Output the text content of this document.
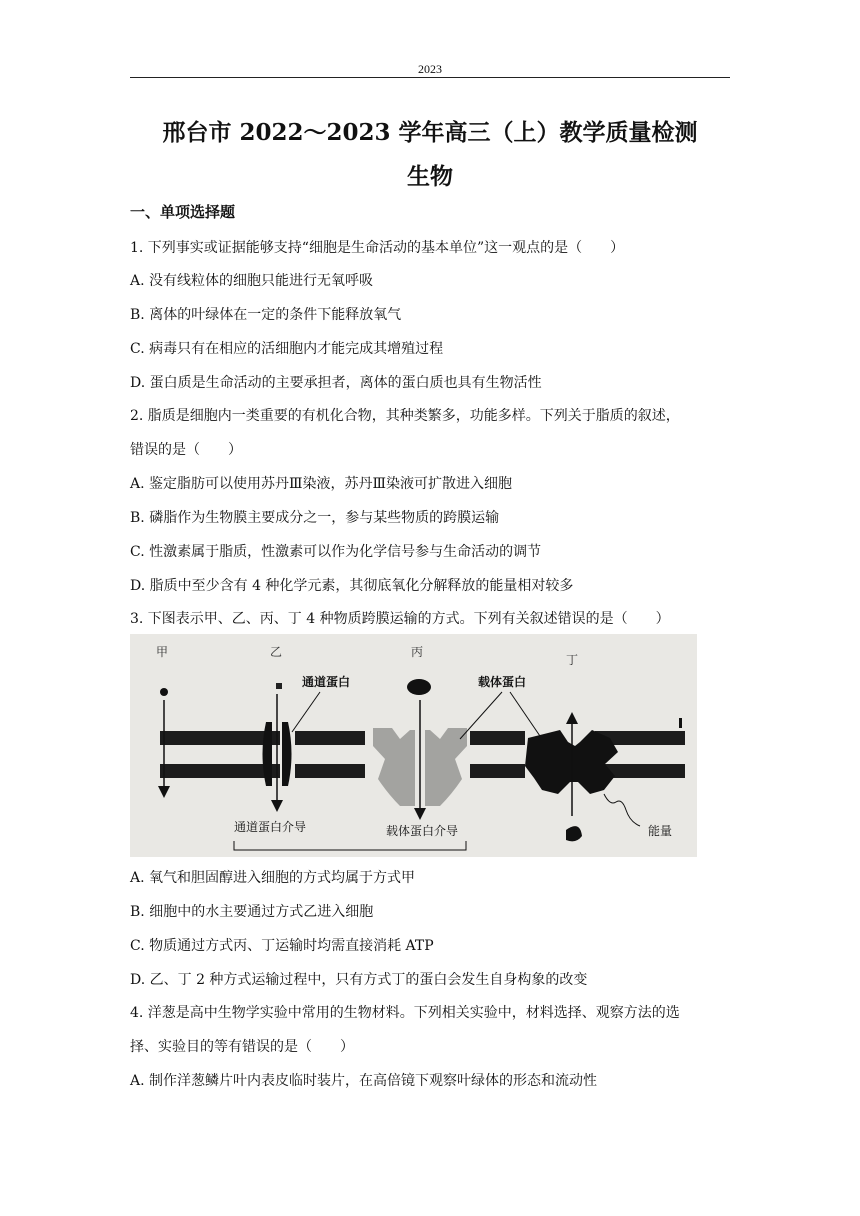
2023
邢台市 2022～2023 学年高三（上）教学质量检测
生物
一、单项选择题
1. 下列事实或证据能够支持“细胞是生命活动的基本单位”这一观点的是（　　）
A. 没有线粒体的细胞只能进行无氧呼吸
B. 离体的叶绿体在一定的条件下能释放氧气
C. 病毒只有在相应的活细胞内才能完成其增殖过程
D. 蛋白质是生命活动的主要承担者，离体的蛋白质也具有生物活性
2. 脂质是细胞内一类重要的有机化合物，其种类繁多，功能多样。下列关于脂质的叙述，
错误的是（　　）
A. 鉴定脂肪可以使用苏丹Ⅲ染液，苏丹Ⅲ染液可扩散进入细胞
B. 磷脂作为生物膜主要成分之一，参与某些物质的跨膜运输
C. 性激素属于脂质，性激素可以作为化学信号参与生命活动的调节
D. 脂质中至少含有 4 种化学元素，其彻底氧化分解释放的能量相对较多
3. 下图表示甲、乙、丙、丁 4 种物质跨膜运输的方式。下列有关叙述错误的是（　　）
甲	乙
通道蛋白
丙
载体蛋白
丁
通道蛋白介导	载体蛋白介导	能量
A. 氧气和胆固醇进入细胞的方式均属于方式甲
B. 细胞中的水主要通过方式乙进入细胞
C. 物质通过方式丙、丁运输时均需直接消耗 ATP
D. 乙、丁 2 种方式运输过程中，只有方式丁的蛋白会发生自身构象的改变
4. 洋葱是高中生物学实验中常用的生物材料。下列相关实验中，材料选择、观察方法的选
择、实验目的等有错误的是（　　）
A. 制作洋葱鳞片叶内表皮临时装片，在高倍镜下观察叶绿体的形态和流动性
